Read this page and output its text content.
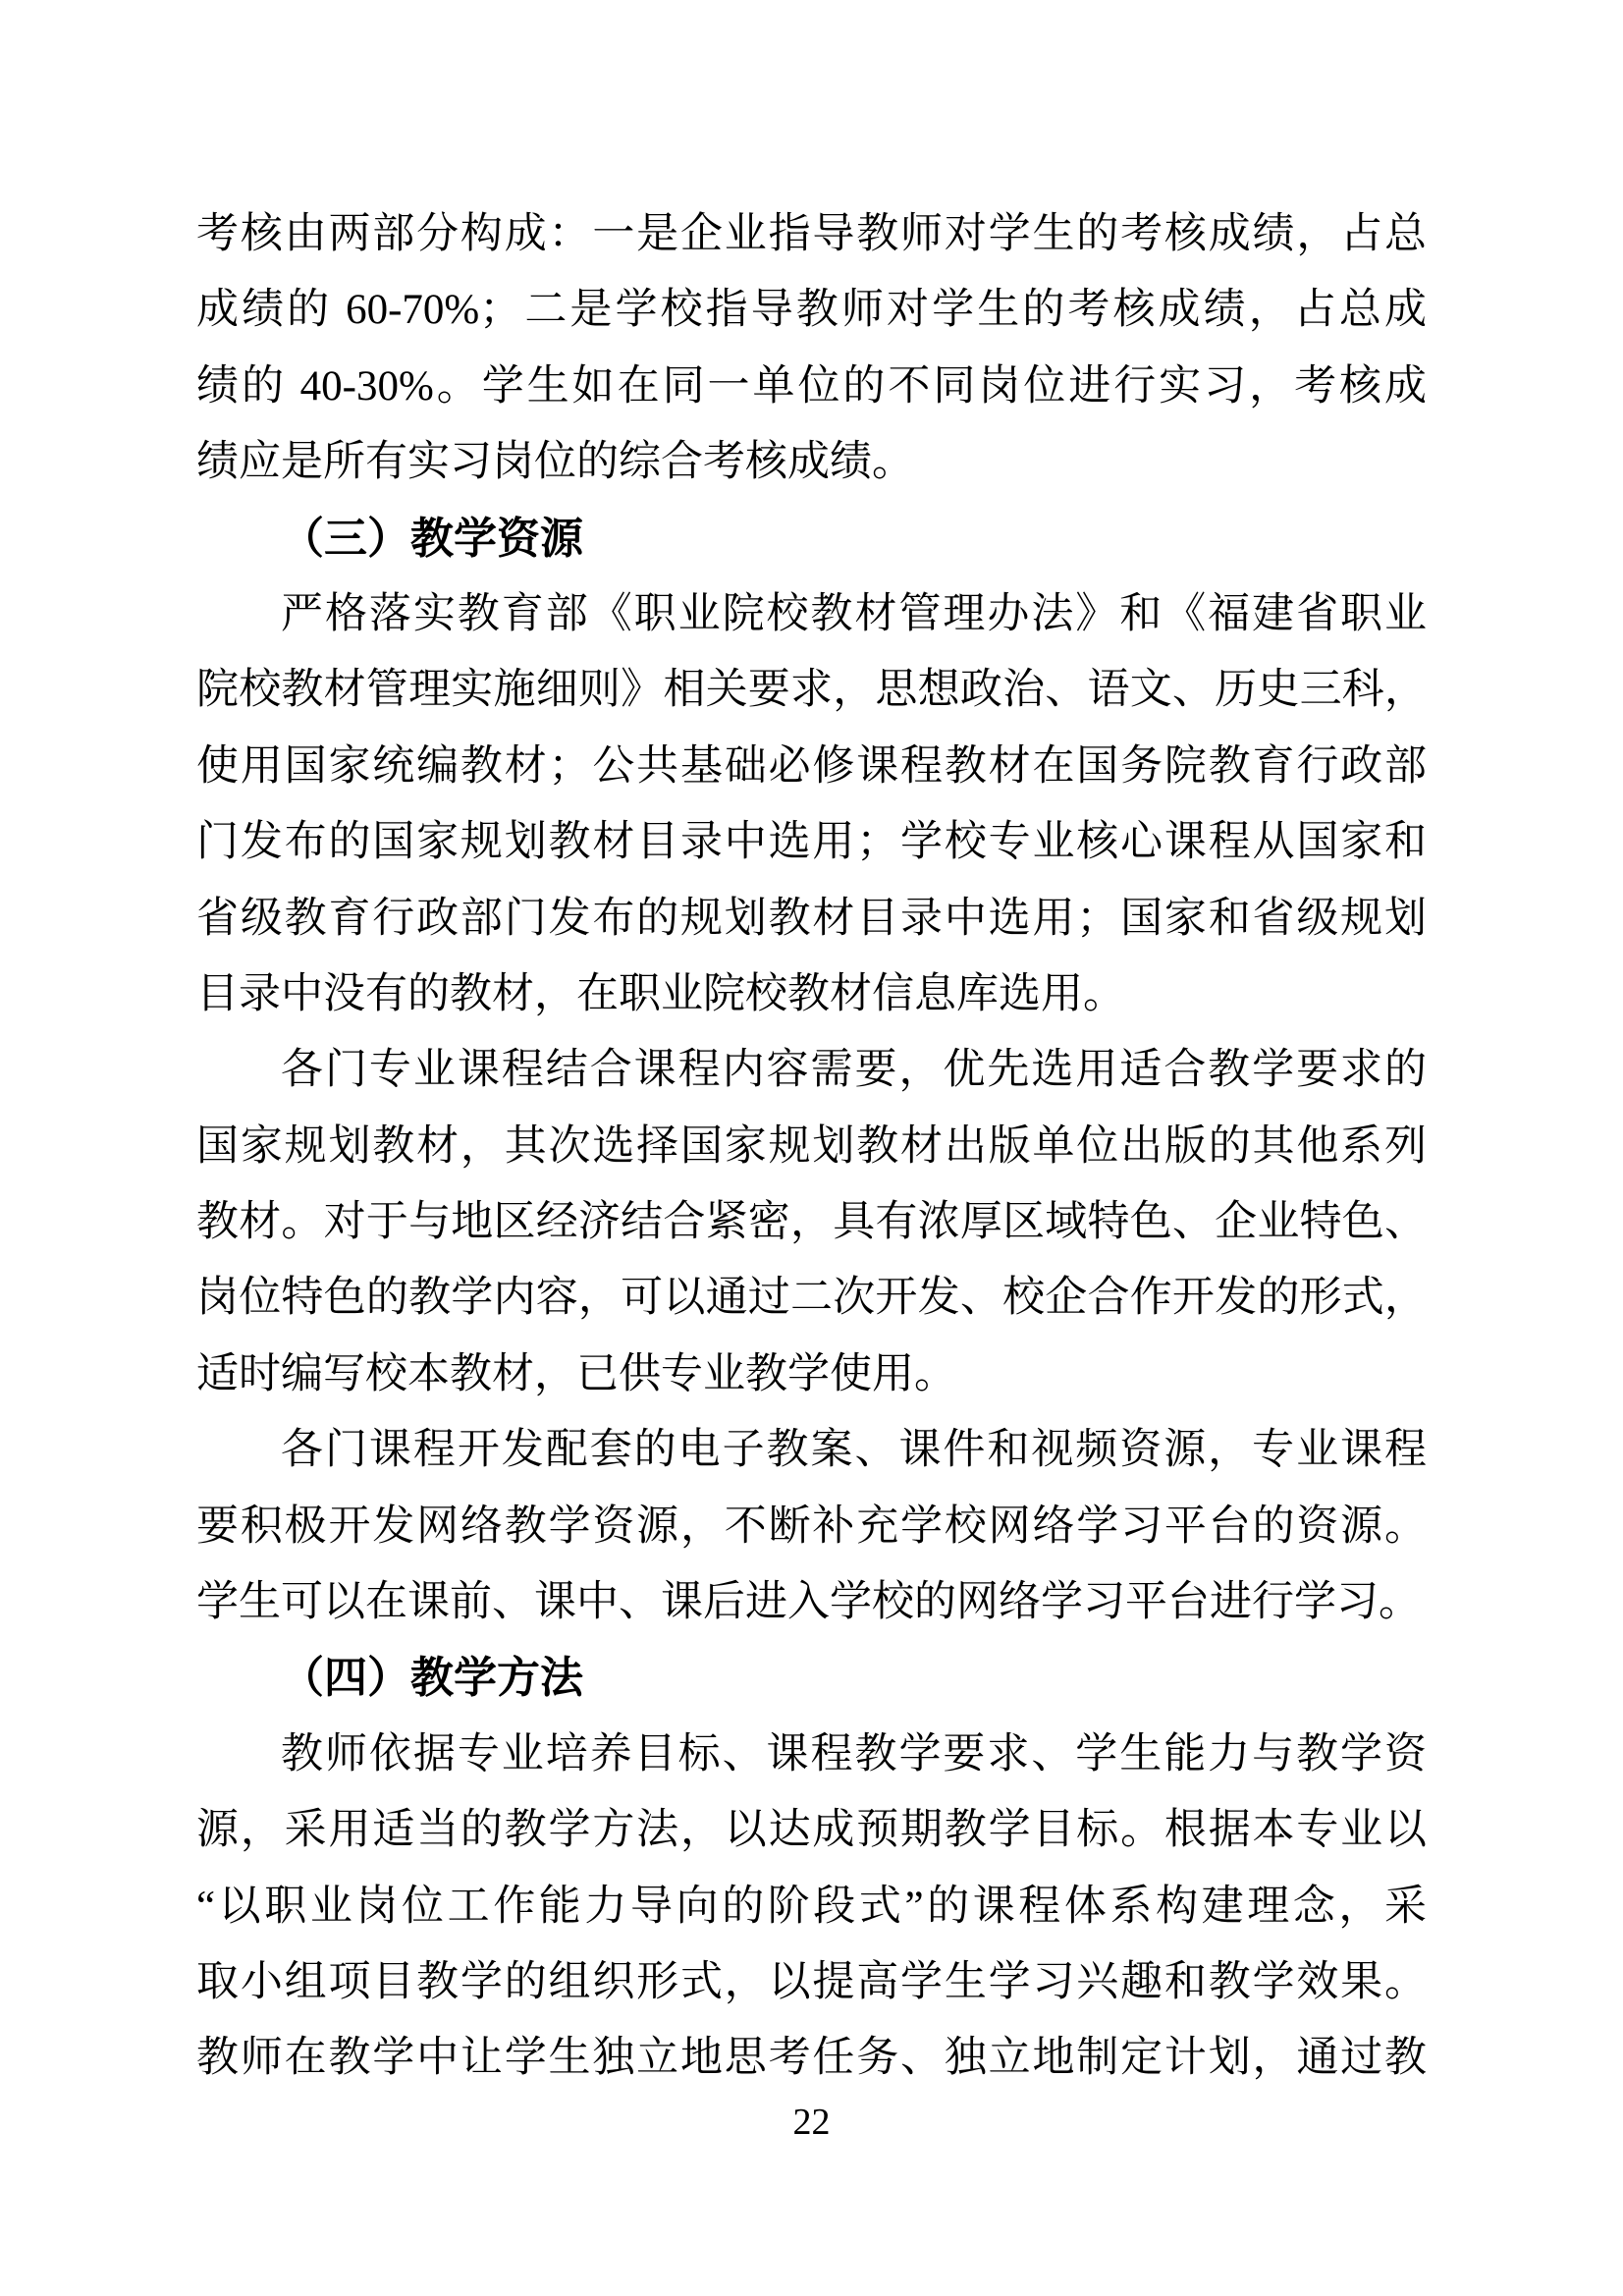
考核由两部分构成：一是企业指导教师对学生的考核成绩，占总
成绩的 60-70%；二是学校指导教师对学生的考核成绩，占总成
绩的 40-30%。学生如在同一单位的不同岗位进行实习，考核成
绩应是所有实习岗位的综合考核成绩。
（三）教学资源
严格落实教育部《职业院校教材管理办法》和《福建省职业
院校教材管理实施细则》相关要求，思想政治、语文、历史三科，
使用国家统编教材；公共基础必修课程教材在国务院教育行政部
门发布的国家规划教材目录中选用；学校专业核心课程从国家和
省级教育行政部门发布的规划教材目录中选用；国家和省级规划
目录中没有的教材，在职业院校教材信息库选用。
各门专业课程结合课程内容需要，优先选用适合教学要求的
国家规划教材，其次选择国家规划教材出版单位出版的其他系列
教材。对于与地区经济结合紧密，具有浓厚区域特色、企业特色、
岗位特色的教学内容，可以通过二次开发、校企合作开发的形式，
适时编写校本教材，已供专业教学使用。
各门课程开发配套的电子教案、课件和视频资源，专业课程
要积极开发网络教学资源，不断补充学校网络学习平台的资源。
学生可以在课前、课中、课后进入学校的网络学习平台进行学习。
（四）教学方法
教师依据专业培养目标、课程教学要求、学生能力与教学资
源，采用适当的教学方法，以达成预期教学目标。根据本专业以
“以职业岗位工作能力导向的阶段式”的课程体系构建理念，采
取小组项目教学的组织形式，以提高学生学习兴趣和教学效果。
教师在教学中让学生独立地思考任务、独立地制定计划，通过教
22
